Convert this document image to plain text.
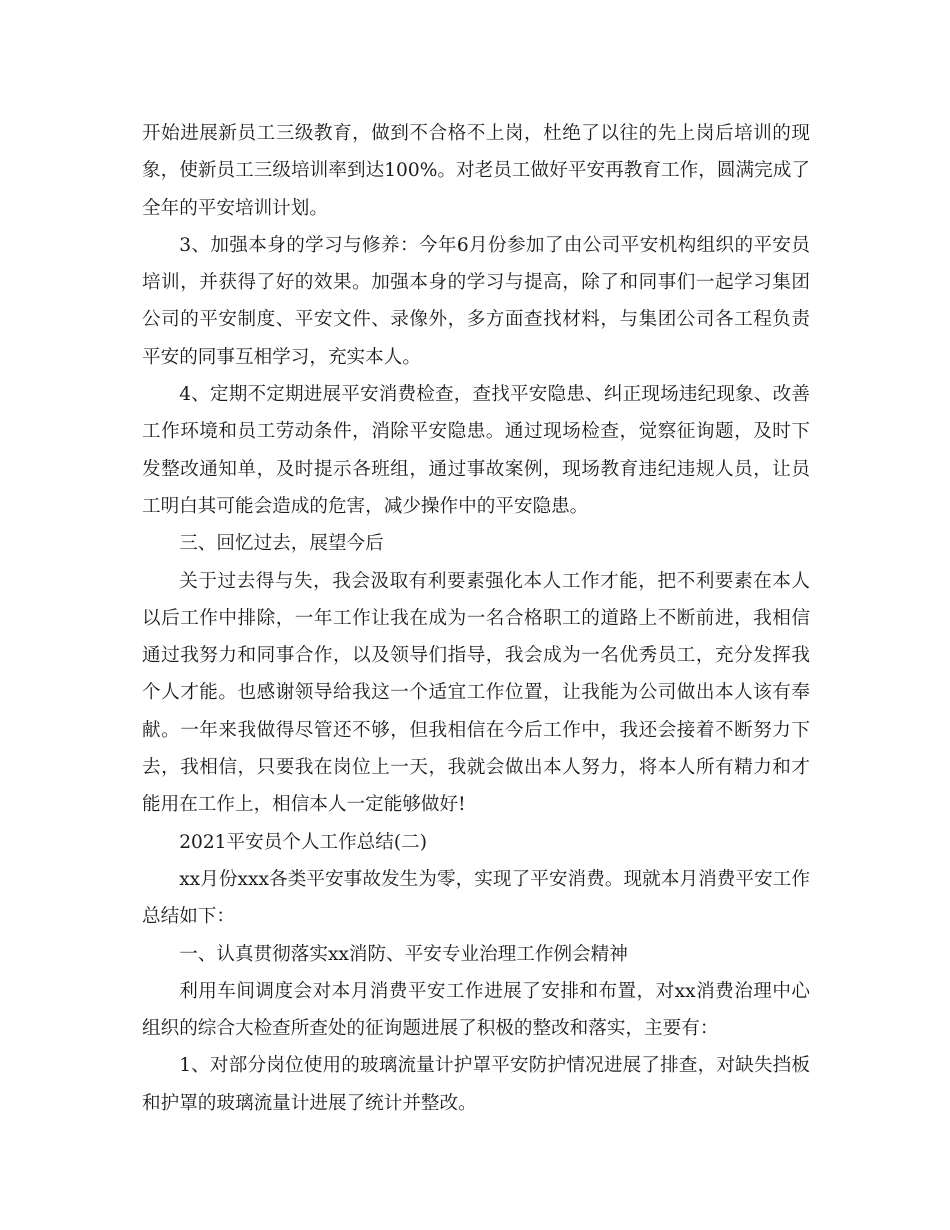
开始进展新员工三级教育，做到不合格不上岗，杜绝了以往的先上岗后培训的现象，使新员工三级培训率到达100%。对老员工做好平安再教育工作，圆满完成了全年的平安培训计划。

3、加强本身的学习与修养：今年6月份参加了由公司平安机构组织的平安员培训，并获得了好的效果。加强本身的学习与提高，除了和同事们一起学习集团公司的平安制度、平安文件、录像外，多方面查找材料，与集团公司各工程负责平安的同事互相学习，充实本人。

4、定期不定期进展平安消费检查，查找平安隐患、纠正现场违纪现象、改善工作环境和员工劳动条件，消除平安隐患。通过现场检查，觉察征询题，及时下发整改通知单，及时提示各班组，通过事故案例，现场教育违纪违规人员，让员工明白其可能会造成的危害，减少操作中的平安隐患。

三、回忆过去，展望今后

关于过去得与失，我会汲取有利要素强化本人工作才能，把不利要素在本人以后工作中排除，一年工作让我在成为一名合格职工的道路上不断前进，我相信通过我努力和同事合作，以及领导们指导，我会成为一名优秀员工，充分发挥我个人才能。也感谢领导给我这一个适宜工作位置，让我能为公司做出本人该有奉献。一年来我做得尽管还不够，但我相信在今后工作中，我还会接着不断努力下去，我相信，只要我在岗位上一天，我就会做出本人努力，将本人所有精力和才能用在工作上，相信本人一定能够做好!

2021平安员个人工作总结(二)

xx月份xxx各类平安事故发生为零，实现了平安消费。现就本月消费平安工作总结如下：

一、认真贯彻落实xx消防、平安专业治理工作例会精神

利用车间调度会对本月消费平安工作进展了安排和布置，对xx消费治理中心组织的综合大检查所查处的征询题进展了积极的整改和落实，主要有：

1、对部分岗位使用的玻璃流量计护罩平安防护情况进展了排查，对缺失挡板和护罩的玻璃流量计进展了统计并整改。
